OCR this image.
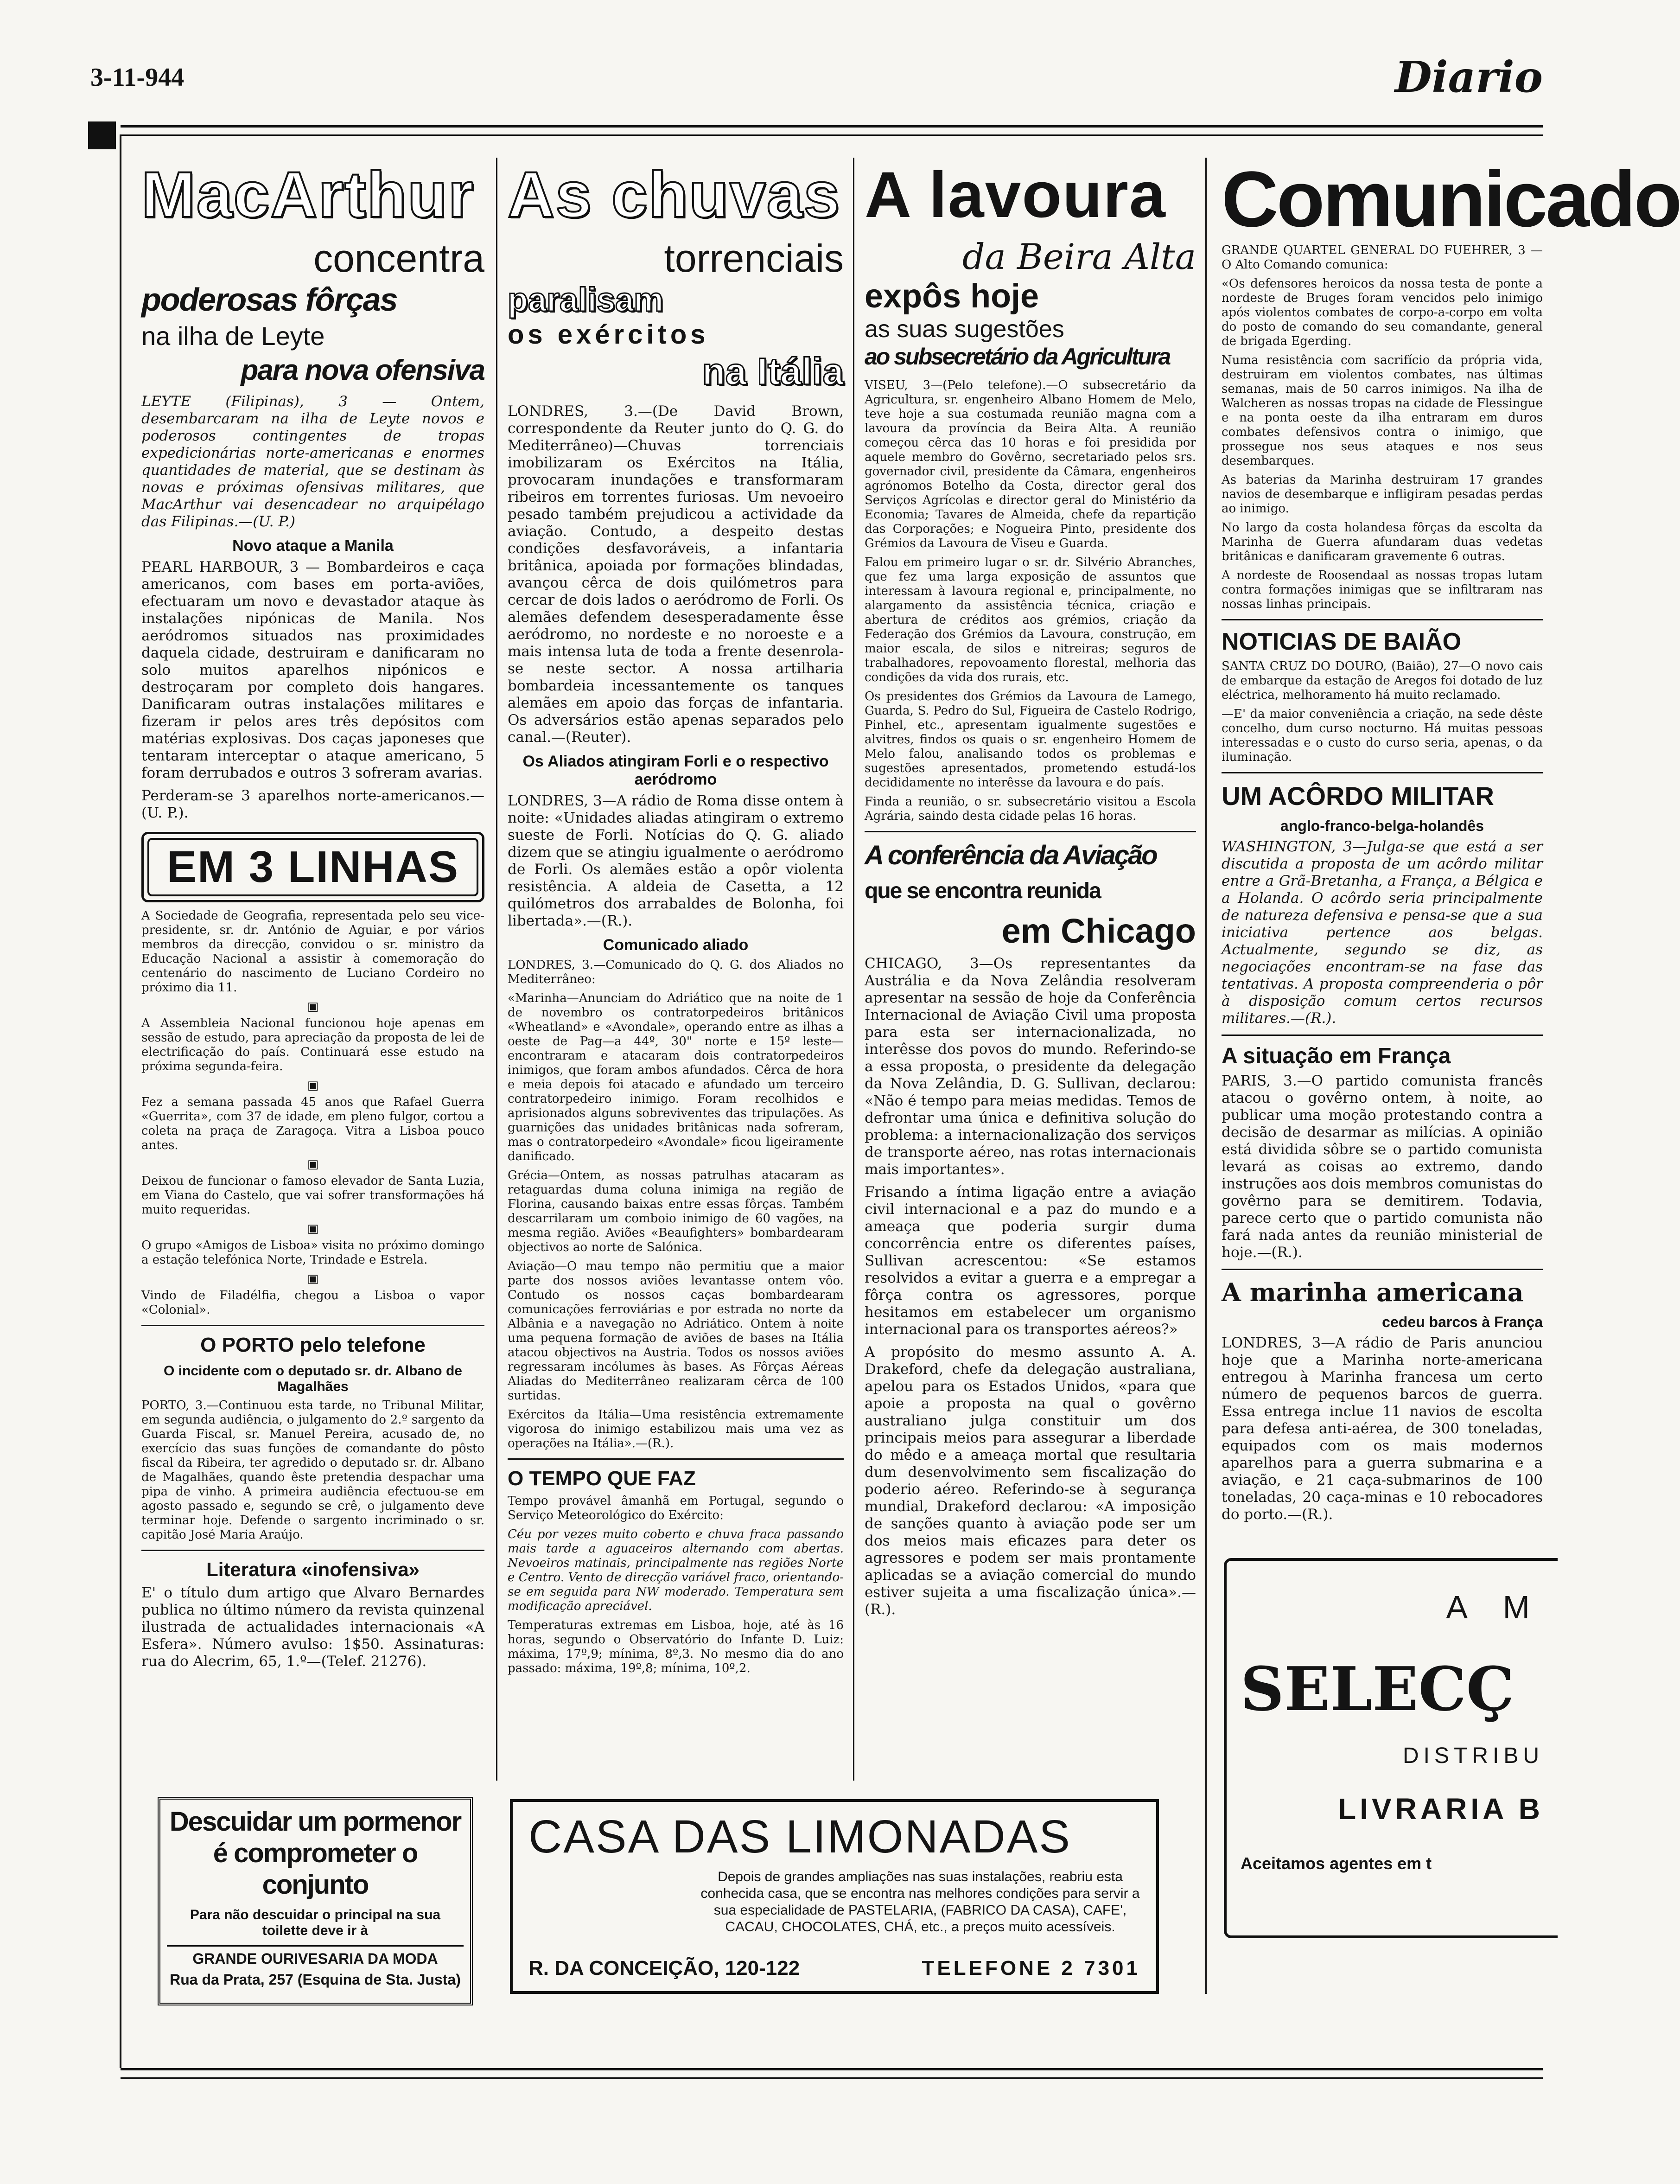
3-11-944	Diario
MacArthur
concentra
poderosas fôrças
na ilha de Leyte
para nova ofensiva

LEYTE (Filipinas), 3 — Ontem, desembarcaram na ilha de Leyte novos e poderosos contingentes de tropas expedicionárias norte-americanas e enormes quantidades de material, que se destinam às novas e próximas ofensivas militares, que MacArthur vai desencadear no arquipélago das Filipinas.—(U. P.)

Novo ataque a Manila

PEARL HARBOUR, 3 — Bombardeiros e caça americanos, com bases em porta-aviões, efectuaram um novo e devastador ataque às instalações nipónicas de Manila. Nos aeródromos situados nas proximidades daquela cidade, destruiram e danificaram no solo muitos aparelhos nipónicos e destroçaram por completo dois hangares. Danificaram outras instalações militares e fizeram ir pelos ares três depósitos com matérias explosivas. Dos caças japoneses que tentaram interceptar o ataque americano, 5 foram derrubados e outros 3 sofreram avarias.

Perderam-se 3 aparelhos norte-americanos.—(U. P.).

EM 3 LINHAS

A Sociedade de Geografia, representada pelo seu vice-presidente, sr. dr. António de Aguiar, e por vários membros da direcção, convidou o sr. ministro da Educação Nacional a assistir à comemoração do centenário do nascimento de Luciano Cordeiro no próximo dia 11.

▣

A Assembleia Nacional funcionou hoje apenas em sessão de estudo, para apreciação da proposta de lei de electrificação do país. Continuará esse estudo na próxima segunda-feira.

▣

Fez a semana passada 45 anos que Rafael Guerra «Guerrita», com 37 de idade, em pleno fulgor, cortou a coleta na praça de Zaragoça. Vitra a Lisboa pouco antes.

▣

Deixou de funcionar o famoso elevador de Santa Luzia, em Viana do Castelo, que vai sofrer transformações há muito requeridas.

▣

O grupo «Amigos de Lisboa» visita no próximo domingo a estação telefónica Norte, Trindade e Estrela.

▣

Vindo de Filadélfia, chegou a Lisboa o vapor «Colonial».

O PORTO pelo telefone
O incidente com o deputado sr. dr. Albano de Magalhães

PORTO, 3.—Continuou esta tarde, no Tribunal Militar, em segunda audiência, o julgamento do 2.º sargento da Guarda Fiscal, sr. Manuel Pereira, acusado de, no exercício das suas funções de comandante do pôsto fiscal da Ribeira, ter agredido o deputado sr. dr. Albano de Magalhães, quando êste pretendia despachar uma pipa de vinho. A primeira audiência efectuou-se em agosto passado e, segundo se crê, o julgamento deve terminar hoje. Defende o sargento incriminado o sr. capitão José Maria Araújo.

Literatura «inofensiva»

E' o título dum artigo que Alvaro Bernardes publica no último número da revista quinzenal ilustrada de actualidades internacionais «A Esfera». Número avulso: 1$50. Assinaturas: rua do Alecrim, 65, 1.º—(Telef. 21276).

As chuvas
torrenciais
paralisam
os exércitos
na Itália

LONDRES, 3.—(De David Brown, correspondente da Reuter junto do Q. G. do Mediterrâneo)—Chuvas torrenciais imobilizaram os Exércitos na Itália, provocaram inundações e transformaram ribeiros em torrentes furiosas. Um nevoeiro pesado também prejudicou a actividade da aviação. Contudo, a despeito destas condições desfavoráveis, a infantaria britânica, apoiada por formações blindadas, avançou cêrca de dois quilómetros para cercar de dois lados o aeródromo de Forli. Os alemães defendem desesperadamente êsse aeródromo, no nordeste e no noroeste e a mais intensa luta de toda a frente desenrola-se neste sector. A nossa artilharia bombardeia incessantemente os tanques alemães em apoio das forças de infantaria. Os adversários estão apenas separados pelo canal.—(Reuter).

Os Aliados atingiram Forli e o respectivo aeródromo

LONDRES, 3—A rádio de Roma disse ontem à noite: «Unidades aliadas atingiram o extremo sueste de Forli. Notícias do Q. G. aliado dizem que se atingiu igualmente o aeródromo de Forli. Os alemães estão a opôr violenta resistência. A aldeia de Casetta, a 12 quilómetros dos arrabaldes de Bolonha, foi libertada».—(R.).

Comunicado aliado

LONDRES, 3.—Comunicado do Q. G. dos Aliados no Mediterrâneo:

«Marinha—Anunciam do Adriático que na noite de 1 de novembro os contratorpedeiros britânicos «Wheatland» e «Avondale», operando entre as ilhas a oeste de Pag—a 44º, 30" norte e 15º leste—encontraram e atacaram dois contratorpedeiros inimigos, que foram ambos afundados. Cêrca de hora e meia depois foi atacado e afundado um terceiro contratorpedeiro inimigo. Foram recolhidos e aprisionados alguns sobreviventes das tripulações. As guarnições das unidades britânicas nada sofreram, mas o contratorpedeiro «Avondale» ficou ligeiramente danificado.

Grécia—Ontem, as nossas patrulhas atacaram as retaguardas duma coluna inimiga na região de Florina, causando baixas entre essas fôrças. Também descarrilaram um comboio inimigo de 60 vagões, na mesma região. Aviões «Beaufighters» bombardearam objectivos ao norte de Salónica.

Aviação—O mau tempo não permitiu que a maior parte dos nossos aviões levantasse ontem vôo. Contudo os nossos caças bombardearam comunicações ferroviárias e por estrada no norte da Albânia e a navegação no Adriático. Ontem à noite uma pequena formação de aviões de bases na Itália atacou objectivos na Austria. Todos os nossos aviões regressaram incólumes às bases. As Fôrças Aéreas Aliadas do Mediterrâneo realizaram cêrca de 100 surtidas.

Exércitos da Itália—Uma resistência extremamente vigorosa do inimigo estabilizou mais uma vez as operações na Itália».—(R.).

O TEMPO QUE FAZ

Tempo provável âmanhã em Portugal, segundo o Serviço Meteorológico do Exército:

Céu por vezes muito coberto e chuva fraca passando mais tarde a aguaceiros alternando com abertas. Nevoeiros matinais, principalmente nas regiões Norte e Centro. Vento de direcção variável fraco, orientando-se em seguida para NW moderado. Temperatura sem modificação apreciável.

Temperaturas extremas em Lisboa, hoje, até às 16 horas, segundo o Observatório do Infante D. Luiz: máxima, 17º,9; mínima, 8º,3. No mesmo dia do ano passado: máxima, 19º,8; mínima, 10º,2.

A lavoura
da Beira Alta
expôs hoje
as suas sugestões
ao subsecretário da Agricultura

VISEU, 3—(Pelo telefone).—O subsecretário da Agricultura, sr. engenheiro Albano Homem de Melo, teve hoje a sua costumada reunião magna com a lavoura da província da Beira Alta. A reunião começou cêrca das 10 horas e foi presidida por aquele membro do Govêrno, secretariado pelos srs. governador civil, presidente da Câmara, engenheiros agrónomos Botelho da Costa, director geral dos Serviços Agrícolas e director geral do Ministério da Economia; Tavares de Almeida, chefe da repartição das Corporações; e Nogueira Pinto, presidente dos Grémios da Lavoura de Viseu e Guarda.

Falou em primeiro lugar o sr. dr. Silvério Abranches, que fez uma larga exposição de assuntos que interessam à lavoura regional e, principalmente, no alargamento da assistência técnica, criação e abertura de créditos aos grémios, criação da Federação dos Grémios da Lavoura, construção, em maior escala, de silos e nitreiras; seguros de trabalhadores, repovoamento florestal, melhoria das condições da vida dos rurais, etc.

Os presidentes dos Grémios da Lavoura de Lamego, Guarda, S. Pedro do Sul, Figueira de Castelo Rodrigo, Pinhel, etc., apresentam igualmente sugestões e alvitres, findos os quais o sr. engenheiro Homem de Melo falou, analisando todos os problemas e sugestões apresentados, prometendo estudá-los decididamente no interêsse da lavoura e do país.

Finda a reunião, o sr. subsecretário visitou a Escola Agrária, saindo desta cidade pelas 16 horas.

A conferência da Aviação
que se encontra reunida
em Chicago

CHICAGO, 3—Os representantes da Austrália e da Nova Zelândia resolveram apresentar na sessão de hoje da Conferência Internacional de Aviação Civil uma proposta para esta ser internacionalizada, no interêsse dos povos do mundo. Referindo-se a essa proposta, o presidente da delegação da Nova Zelândia, D. G. Sullivan, declarou: «Não é tempo para meias medidas. Temos de defrontar uma única e definitiva solução do problema: a internacionalização dos serviços de transporte aéreo, nas rotas internacionais mais importantes».

Frisando a íntima ligação entre a aviação civil internacional e a paz do mundo e a ameaça que poderia surgir duma concorrência entre os diferentes países, Sullivan acrescentou: «Se estamos resolvidos a evitar a guerra e a empregar a fôrça contra os agressores, porque hesitamos em estabelecer um organismo internacional para os transportes aéreos?»

A propósito do mesmo assunto A. A. Drakeford, chefe da delegação australiana, apelou para os Estados Unidos, «para que apoie a proposta na qual o govêrno australiano julga constituir um dos principais meios para assegurar a liberdade do mêdo e a ameaça mortal que resultaria dum desenvolvimento sem fiscalização do poderio aéreo. Referindo-se à segurança mundial, Drakeford declarou: «A imposição de sanções quanto à aviação pode ser um dos meios mais eficazes para deter os agressores e podem ser mais prontamente aplicadas se a aviação comercial do mundo estiver sujeita a uma fiscalização única».—(R.).

Comunicado

GRANDE QUARTEL GENERAL DO FUEHRER, 3 — O Alto Comando comunica:

«Os defensores heroicos da nossa testa de ponte a nordeste de Bruges foram vencidos pelo inimigo após violentos combates de corpo-a-corpo em volta do posto de comando do seu comandante, general de brigada Egerding.

Numa resistência com sacrifício da própria vida, destruiram em violentos combates, nas últimas semanas, mais de 50 carros inimigos. Na ilha de Walcheren as nossas tropas na cidade de Flessingue e na ponta oeste da ilha entraram em duros combates defensivos contra o inimigo, que prossegue nos seus ataques e nos seus desembarques.

As baterias da Marinha destruiram 17 grandes navios de desembarque e infligiram pesadas perdas ao inimigo.

No largo da costa holandesa fôrças da escolta da Marinha de Guerra afundaram duas vedetas britânicas e danificaram gravemente 6 outras.

A nordeste de Roosendaal as nossas tropas lutam contra formações inimigas que se infiltraram nas nossas linhas principais.

NOTICIAS DE BAIÃO

SANTA CRUZ DO DOURO, (Baião), 27—O novo cais de embarque da estação de Aregos foi dotado de luz eléctrica, melhoramento há muito reclamado.

—E' da maior conveniência a criação, na sede dêste concelho, dum curso nocturno. Há muitas pessoas interessadas e o custo do curso seria, apenas, o da iluminação.

UM ACÔRDO MILITAR
anglo-franco-belga-holandês

WASHINGTON, 3—Julga-se que está a ser discutida a proposta de um acôrdo militar entre a Grã-Bretanha, a França, a Bélgica e a Holanda. O acôrdo seria principalmente de natureza defensiva e pensa-se que a sua iniciativa pertence aos belgas. Actualmente, segundo se diz, as negociações encontram-se na fase das tentativas. A proposta compreenderia o pôr à disposição comum certos recursos militares.—(R.).

A situação em França

PARIS, 3.—O partido comunista francês atacou o govêrno ontem, à noite, ao publicar uma moção protestando contra a decisão de desarmar as milícias. A opinião está dividida sôbre se o partido comunista levará as coisas ao extremo, dando instruções aos dois membros comunistas do govêrno para se demitirem. Todavia, parece certo que o partido comunista não fará nada antes da reunião ministerial de hoje.—(R.).

A marinha americana
cedeu barcos à França

LONDRES, 3—A rádio de Paris anunciou hoje que a Marinha norte-americana entregou à Marinha francesa um certo número de pequenos barcos de guerra. Essa entrega inclue 11 navios de escolta para defesa anti-aérea, de 300 toneladas, equipados com os mais modernos aparelhos para a guerra submarina e a aviação, e 21 caça-submarinos de 100 toneladas, 20 caça-minas e 10 rebocadores do porto.—(R.).

Descuidar um pormenor
é comprometer o conjunto
Para não descuidar o principal na sua toilette deve ir à
GRANDE OURIVESARIA DA MODA
Rua da Prata, 257 (Esquina de Sta. Justa)
CASA DAS LIMONADAS
Depois de grandes ampliações nas suas instalações, reabriu esta conhecida casa, que se encontra nas melhores condições para servir a sua especialidade de PASTELARIA, (FABRICO DA CASA), CAFE', CACAU, CHOCOLATES, CHÁ, etc., a preços muito acessíveis.
R. DA CONCEIÇÃO, 120-122	TELEFONE 2 7301
A M
SELECÇ
DISTRIBU
LIVRARIA B
Aceitamos agentes em t
